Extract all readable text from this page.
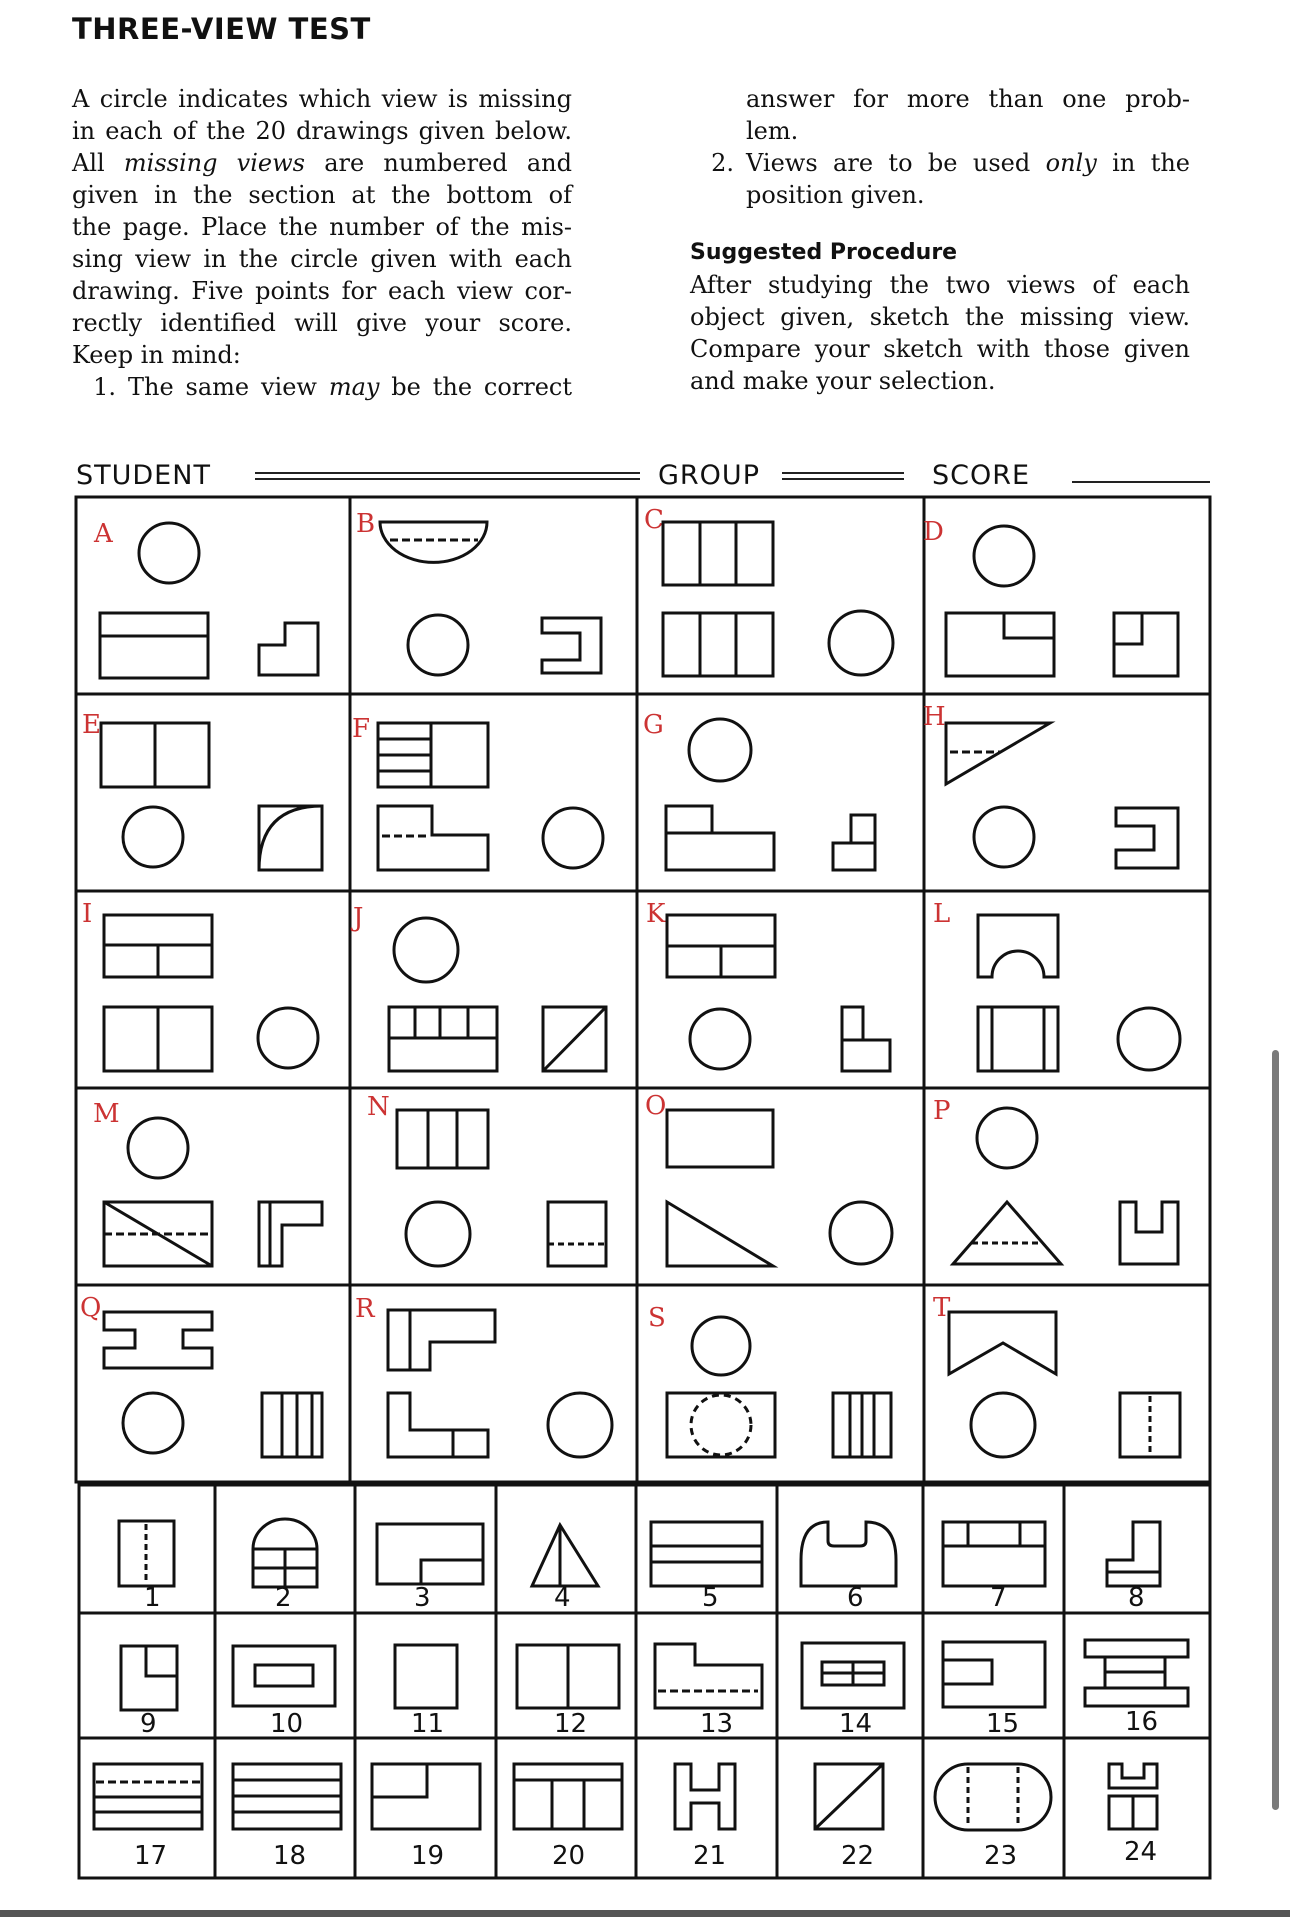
THREE-VIEW TEST

A circle indicates which view is missing

in each of the 20 drawings given below.

All missing views are numbered and

given in the section at the bottom of

the page. Place the number of the mis-

sing view in the circle given with each

drawing. Five points for each view cor-

rectly identified will give your score.

Keep in mind:

1. The same view may be the correct
answer for more than one prob-
lem.
2. Views are to be used only in the
position given.

Suggested Procedure

After studying the two views of each

object given, sketch the missing view.

Compare your sketch with those given

and make your selection.

STUDENT	GROUP	SCORE
A	B	C	D
E	F	G	H
I	J	K	L
M	N	O	P
Q	R	S	T
1	2	3	4	5	6	7	8
9	10	11	12	13	14	15	16
17	18	19	20	21	22	23	24
